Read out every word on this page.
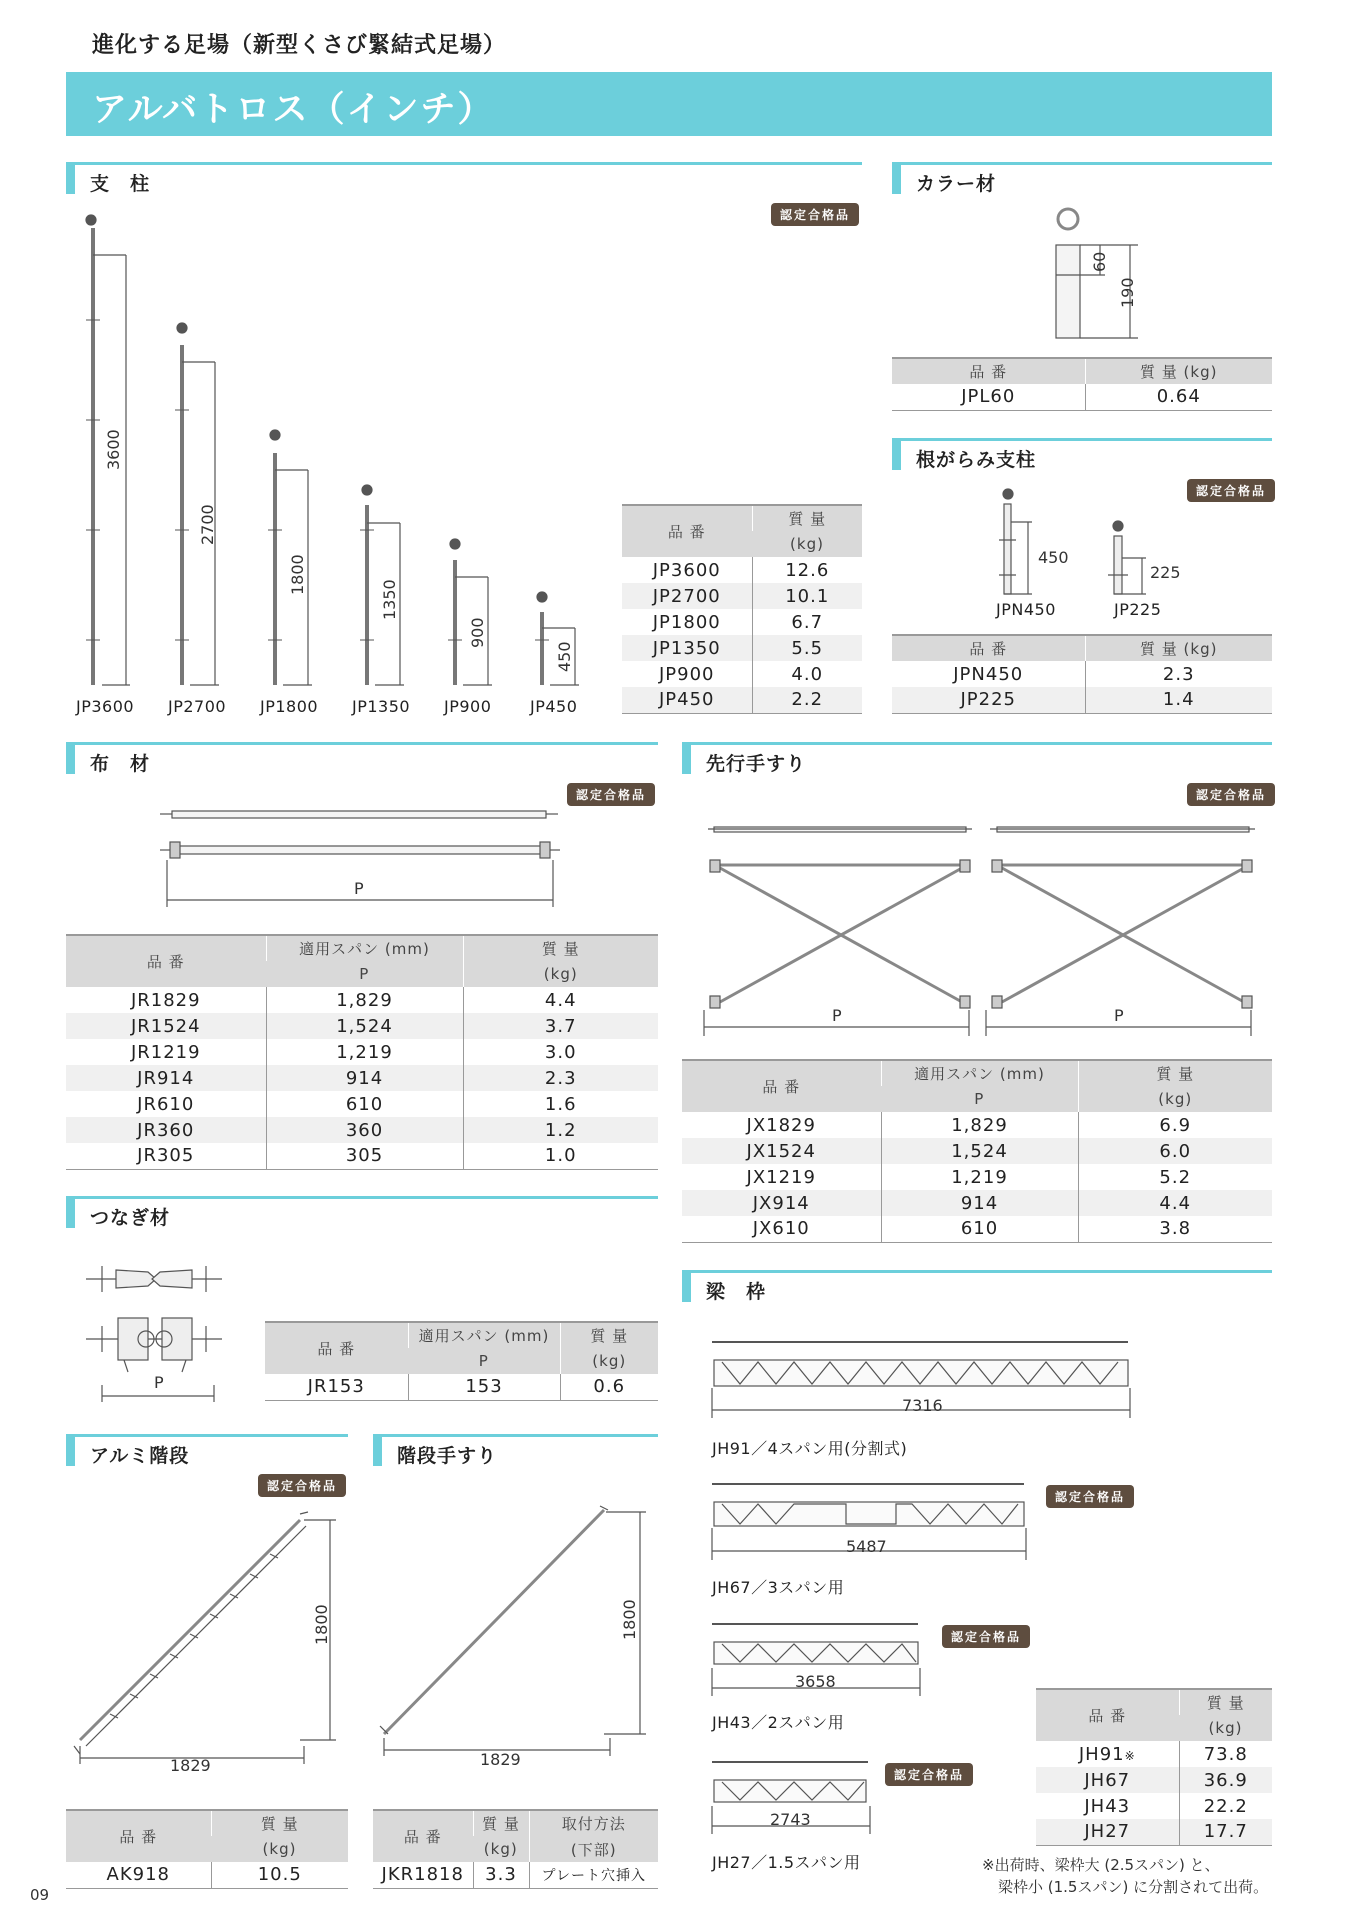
進化する足場（新型くさび緊結式足場）
アルバトロス（インチ）
支　柱
認定合格品
3600
2700
1800
1350
900
450
JP3600 JP2700 JP1800 JP1350 JP900 JP450
品 番	質 量
	(kg)
JP3600	12.6
JP2700	10.1
JP1800	6.7
JP1350	5.5
JP900	4.0
JP450	2.2
カラー材
60
190
品 番	質 量 (kg)
JPL60	0.64
根がらみ支柱
認定合格品
450
225
JPN450	JP225
品 番	質 量 (kg)
JPN450	2.3
JP225	1.4
布　材
認定合格品
P
品 番	適用スパン (mm)	質 量
	P	(kg)
JR1829	1,829	4.4
JR1524	1,524	3.7
JR1219	1,219	3.0
JR914	914	2.3
JR610	610	1.6
JR360	360	1.2
JR305	305	1.0
先行手すり
認定合格品
P	P
品 番	適用スパン (mm)	質 量
	P	(kg)
JX1829	1,829	6.9
JX1524	1,524	6.0
JX1219	1,219	5.2
JX914	914	4.4
JX610	610	3.8
つなぎ材
P
品 番	適用スパン (mm)	質 量
	P	(kg)
JR153	153	0.6
梁　枠
7316
JH91／4スパン用(分割式)
5487
認定合格品
JH67／3スパン用
3658
認定合格品
JH43／2スパン用
2743
認定合格品
JH27／1.5スパン用
品 番	質 量
	(kg)
JH91※	73.8
JH67	36.9
JH43	22.2
JH27	17.7
※出荷時、梁枠大 (2.5スパン) と、
梁枠小 (1.5スパン) に分割されて出荷。
アルミ階段
認定合格品
1800
1829
品 番	質 量
	(kg)
AK918	10.5
階段手すり
1800
1829
品 番	質 量	取付方法
	(kg)	(下部)
JKR1818	3.3	プレート穴挿入
09
